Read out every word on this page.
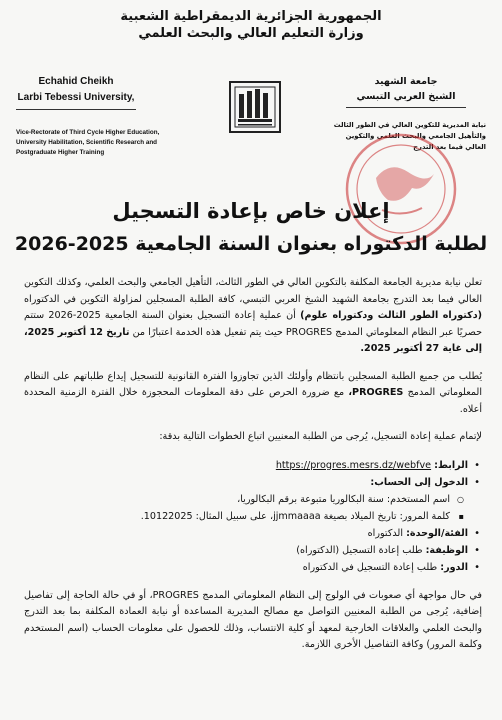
الجمهورية الجزائرية الديمقراطية الشعبية
وزارة التعليم العالي والبحث العلمي
Echahid Cheikh
Larbi Tebessi University,
Vice-Rectorate of Third Cycle Higher Education,
University Habilitation, Scientific Research and
Postgraduate Higher Training
جامعة الشهيد
الشيخ العربي التبسي
نيابة المديرية للتكوين العالي في الطور الثالث
والتأهيل الجامعي والبحث العلمي والتكوين
العالي فيما بعد التدرج
إعلان خاص بإعادة التسجيل
لطلبة الدكتوراه بعنوان السنة الجامعية 2025-2026

تعلن نيابة مديرية الجامعة المكلفة بالتكوين العالي في الطور الثالث، التأهيل الجامعي والبحث العلمي، وكذلك التكوين العالي فيما بعد التدرج بجامعة الشهيد الشيخ العربي التبسي، كافة الطلبة المسجلين لمزاولة التكوين في الدكتوراه (دكتوراه الطور الثالث ودكتوراه علوم) أن عملية إعادة التسجيل بعنوان السنة الجامعية 2025-2026 ستتم حصريًا عبر النظام المعلوماتي المدمج PROGRES حيث يتم تفعيل هذه الخدمة اعتبارًا من تاريخ 12 أكتوبر 2025، إلى غاية 27 أكتوبر 2025.

يُطلب من جميع الطلبة المسجلين بانتظام وأولئك الذين تجاوزوا الفترة القانونية للتسجيل إيداع طلباتهم على النظام المعلوماتي المدمج PROGRES، مع ضرورة الحرص على دقة المعلومات المحجوزة خلال الفترة الزمنية المحددة أعلاه.

لإتمام عملية إعادة التسجيل، يُرجى من الطلبة المعنيين اتباع الخطوات التالية بدقة:

• الرابط: https://progres.mesrs.dz/webfve
• الدخول إلى الحساب:
○ اسم المستخدم: سنة البكالوريا متبوعة برقم البكالوريا،
▪ كلمة المرور: تاريخ الميلاد بصيغة jjmmaaaa، على سبيل المثال: 10122025.
• الفئة/الوحدة: الدكتوراه
• الوظيفة: طلب إعادة التسجيل (الدكتوراه)
• الدور: طلب إعادة التسجيل في الدكتوراه

في حال مواجهة أي صعوبات في الولوج إلى النظام المعلوماتي المدمج PROGRES، أو في حالة الحاجة إلى تفاصيل إضافية، يُرجى من الطلبة المعنيين التواصل مع مصالح المديرية المساعدة أو نيابة العمادة المكلفة بما بعد التدرج والبحث العلمي والعلاقات الخارجية لمعهد أو كلية الانتساب، وذلك للحصول على معلومات الحساب (اسم المستخدم وكلمة المرور) وكافة التفاصيل الأخرى اللازمة.
